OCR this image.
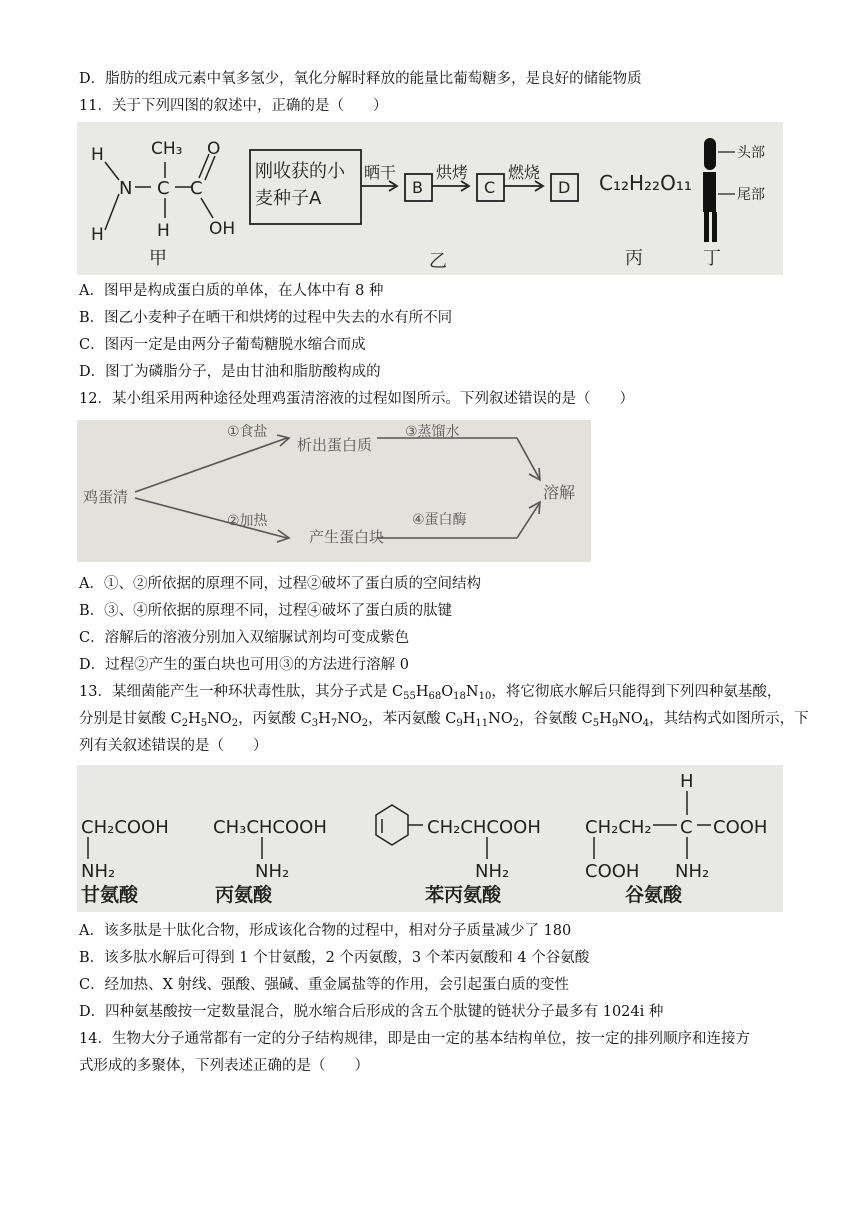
D．脂肪的组成元素中氧多氢少，氧化分解时释放的能量比葡萄糖多，是良好的储能物质
11．关于下列四图的叙述中，正确的是（　　）
H
N
H
CH₃
C
H
C
O
OH
甲
刚收获的小
麦种子A
晒干
B
烘烤
C
燃烧
D
乙
C₁₂H₂₂O₁₁
丙
头部
尾部
丁
A．图甲是构成蛋白质的单体，在人体中有 8 种
B．图乙小麦种子在晒干和烘烤的过程中失去的水有所不同
C．图丙一定是由两分子葡萄糖脱水缩合而成
D．图丁为磷脂分子，是由甘油和脂肪酸构成的
12．某小组采用两种途径处理鸡蛋清溶液的过程如图所示。下列叙述错误的是（　　）
鸡蛋清
①食盐
析出蛋白质
③蒸馏水
②加热
产生蛋白块
④蛋白酶
溶解
A．①、②所依据的原理不同，过程②破坏了蛋白质的空间结构
B．③、④所依据的原理不同，过程④破坏了蛋白质的肽键
C．溶解后的溶液分别加入双缩脲试剂均可变成紫色
D．过程②产生的蛋白块也可用③的方法进行溶解 0
13．某细菌能产生一种环状毒性肽，其分子式是 $C_{55}H_{68}O_{18}N_{10}$，将它彻底水解后只能得到下列四种氨基酸，
分别是甘氨酸 $C_2H_5NO_2$，丙氨酸 $C_3H_7NO_2$，苯丙氨酸 $C_9H_{11}NO_2$，谷氨酸 $C_5H_9NO_4$，其结构式如图所示，下
列有关叙述错误的是（　　）
CH₂COOH
NH₂
甘氨酸
CH₃CHCOOH
NH₂
丙氨酸
CH₂CHCOOH
NH₂
苯丙氨酸
H
CH₂CH₂ C COOH
COOH NH₂
谷氨酸
A．该多肽是十肽化合物，形成该化合物的过程中，相对分子质量减少了 180
B．该多肽水解后可得到 1 个甘氨酸，2 个丙氨酸，3 个苯丙氨酸和 4 个谷氨酸
C．经加热、X 射线、强酸、强碱、重金属盐等的作用，会引起蛋白质的变性
D．四种氨基酸按一定数量混合，脱水缩合后形成的含五个肽键的链状分子最多有 1024i 种
14．生物大分子通常都有一定的分子结构规律，即是由一定的基本结构单位，按一定的排列顺序和连接方
式形成的多聚体，下列表述正确的是（　　）
